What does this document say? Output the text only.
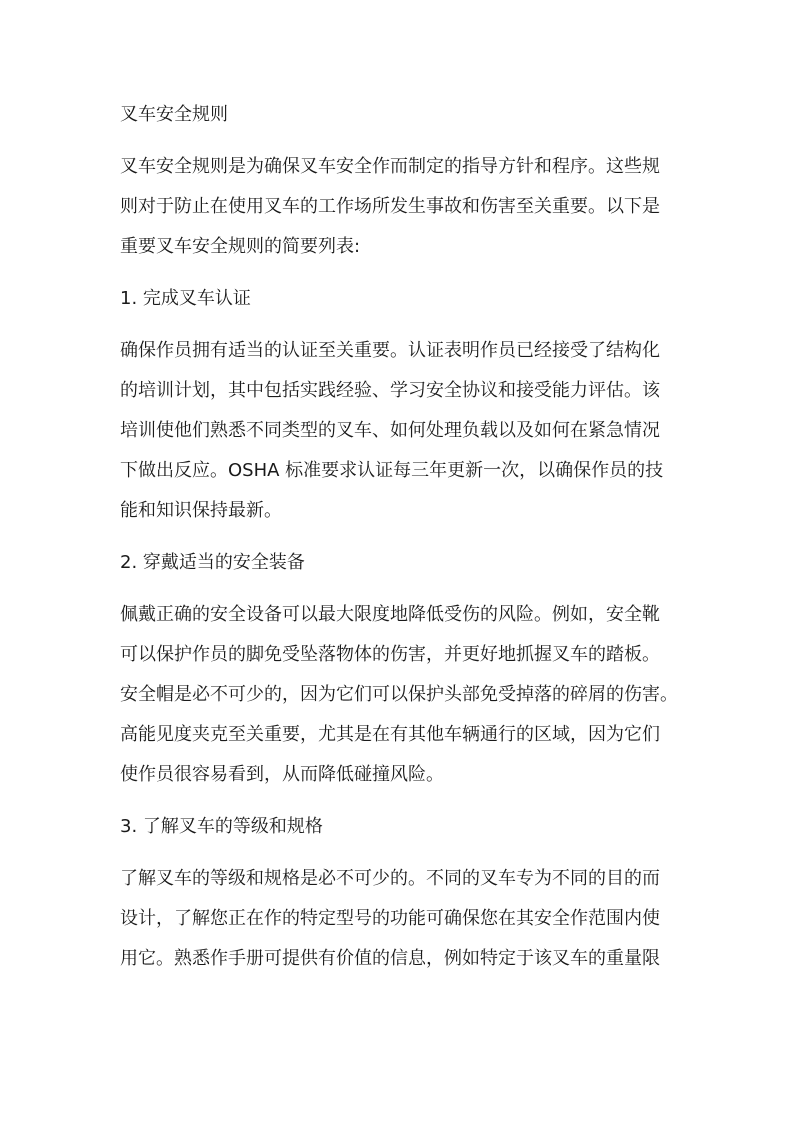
叉车安全规则
叉车安全规则是为确保叉车安全作而制定的指导方针和程序。这些规
则对于防止在使用叉车的工作场所发生事故和伤害至关重要。以下是
重要叉车安全规则的简要列表:
1. 完成叉车认证
确保作员拥有适当的认证至关重要。认证表明作员已经接受了结构化
的培训计划，其中包括实践经验、学习安全协议和接受能力评估。该
培训使他们熟悉不同类型的叉车、如何处理负载以及如何在紧急情况
下做出反应。OSHA 标准要求认证每三年更新一次，以确保作员的技
能和知识保持最新。
2. 穿戴适当的安全装备
佩戴正确的安全设备可以最大限度地降低受伤的风险。例如，安全靴
可以保护作员的脚免受坠落物体的伤害，并更好地抓握叉车的踏板。
安全帽是必不可少的，因为它们可以保护头部免受掉落的碎屑的伤害。
高能见度夹克至关重要，尤其是在有其他车辆通行的区域，因为它们
使作员很容易看到，从而降低碰撞风险。
3. 了解叉车的等级和规格
了解叉车的等级和规格是必不可少的。不同的叉车专为不同的目的而
设计，了解您正在作的特定型号的功能可确保您在其安全作范围内使
用它。熟悉作手册可提供有价值的信息，例如特定于该叉车的重量限
